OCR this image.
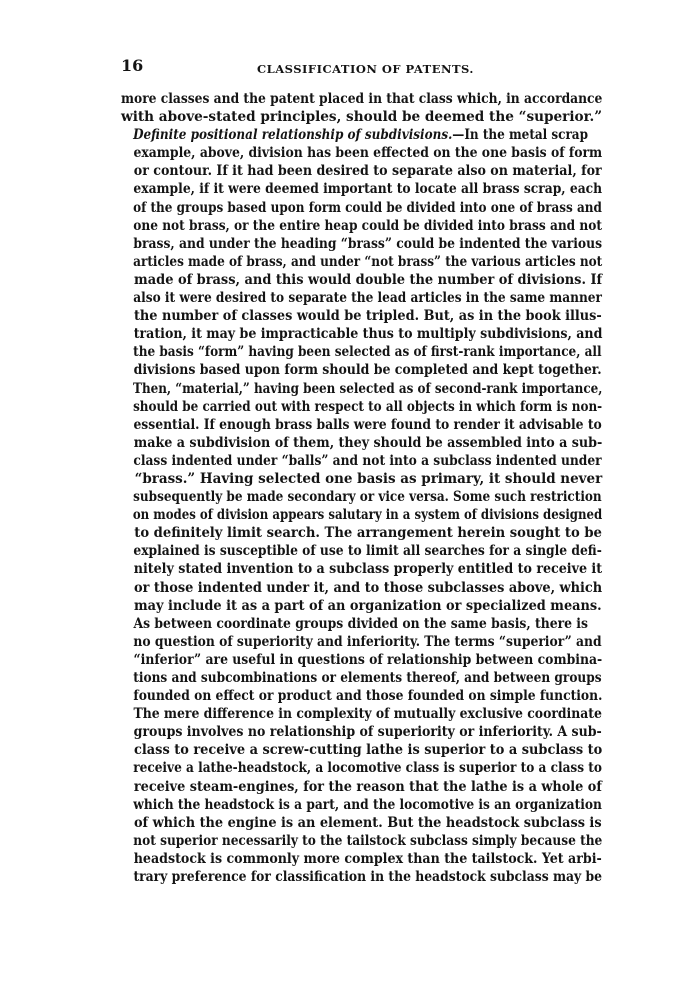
16	CLASSIFICATION OF PATENTS.

more classes and the patent placed in that class which, in accordance
with above-stated principles, should be deemed the “superior.”

Definite positional relationship of subdivisions.—In the metal scrap
example, above, division has been effected on the one basis of form
or contour. If it had been desired to separate also on material, for
example, if it were deemed important to locate all brass scrap, each
of the groups based upon form could be divided into one of brass and
one not brass, or the entire heap could be divided into brass and not
brass, and under the heading “brass” could be indented the various
articles made of brass, and under “not brass” the various articles not
made of brass, and this would double the number of divisions. If
also it were desired to separate the lead articles in the same manner
the number of classes would be tripled. But, as in the book illus-
tration, it may be impracticable thus to multiply subdivisions, and
the basis “form” having been selected as of first-rank importance, all
divisions based upon form should be completed and kept together.
Then, “material,” having been selected as of second-rank importance,
should be carried out with respect to all objects in which form is non-
essential. If enough brass balls were found to render it advisable to
make a subdivision of them, they should be assembled into a sub-
class indented under “balls” and not into a subclass indented under
“brass.” Having selected one basis as primary, it should never
subsequently be made secondary or vice versa. Some such restriction
on modes of division appears salutary in a system of divisions designed
to definitely limit search. The arrangement herein sought to be
explained is susceptible of use to limit all searches for a single defi-
nitely stated invention to a subclass properly entitled to receive it
or those indented under it, and to those subclasses above, which
may include it as a part of an organization or specialized means.

As between coordinate groups divided on the same basis, there is
no question of superiority and inferiority. The terms “superior” and
“inferior” are useful in questions of relationship between combina-
tions and subcombinations or elements thereof, and between groups
founded on effect or product and those founded on simple function.
The mere difference in complexity of mutually exclusive coordinate
groups involves no relationship of superiority or inferiority. A sub-
class to receive a screw-cutting lathe is superior to a subclass to
receive a lathe-headstock, a locomotive class is superior to a class to
receive steam-engines, for the reason that the lathe is a whole of
which the headstock is a part, and the locomotive is an organization
of which the engine is an element. But the headstock subclass is
not superior necessarily to the tailstock subclass simply because the
headstock is commonly more complex than the tailstock. Yet arbi-
trary preference for classification in the headstock subclass may be
